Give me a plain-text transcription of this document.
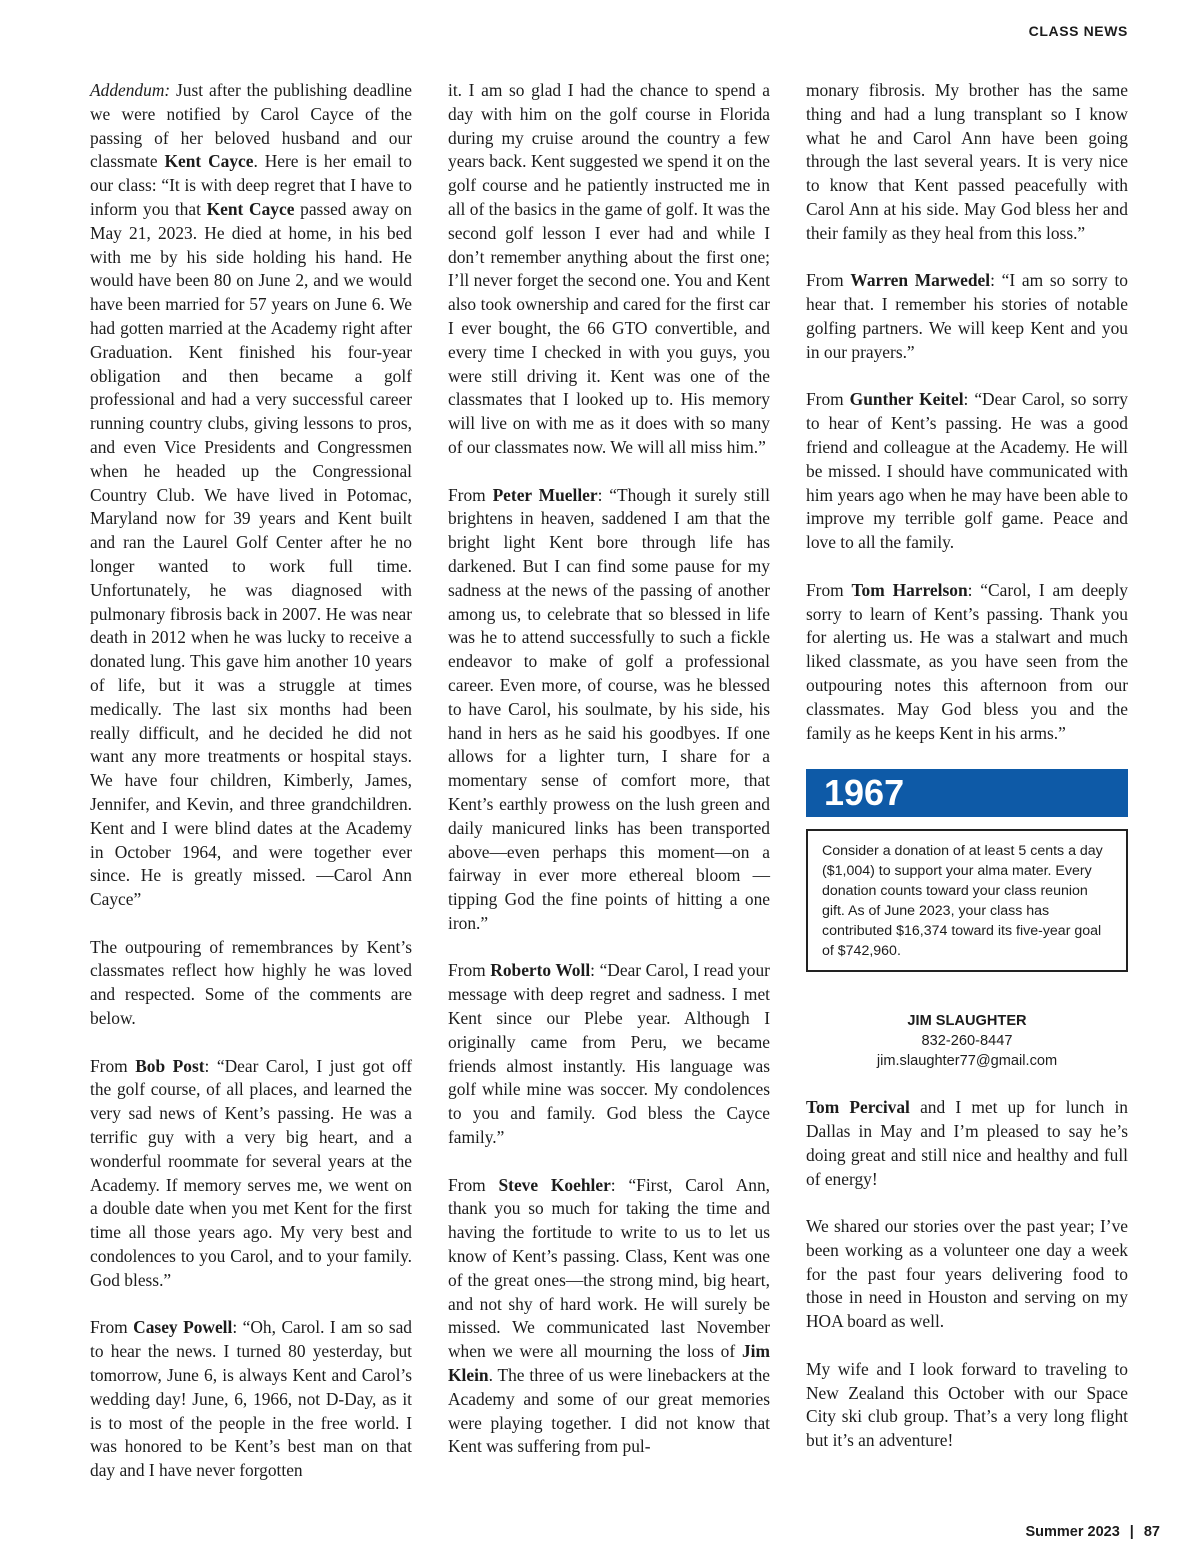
CLASS NEWS

Addendum: Just after the publishing deadline we were notified by Carol Cayce of the passing of her beloved husband and our classmate Kent Cayce. Here is her email to our class: “It is with deep regret that I have to inform you that Kent Cayce passed away on May 21, 2023. He died at home, in his bed with me by his side holding his hand. He would have been 80 on June 2, and we would have been married for 57 years on June 6. We had gotten married at the Academy right after Graduation. Kent finished his four-year obligation and then became a golf professional and had a very successful career running country clubs, giving lessons to pros, and even Vice Presidents and Congressmen when he headed up the Congressional Country Club. We have lived in Potomac, Maryland now for 39 years and Kent built and ran the Laurel Golf Center after he no longer wanted to work full time. Unfortunately, he was diagnosed with pulmonary fibrosis back in 2007. He was near death in 2012 when he was lucky to receive a donated lung. This gave him another 10 years of life, but it was a struggle at times medically. The last six months had been really difficult, and he decided he did not want any more treatments or hospital stays. We have four children, Kimberly, James, Jennifer, and Kevin, and three grandchildren. Kent and I were blind dates at the Academy in October 1964, and were together ever since. He is greatly missed. —Carol Ann Cayce”

The outpouring of remembrances by Kent’s classmates reflect how highly he was loved and respected. Some of the comments are below.

From Bob Post: “Dear Carol, I just got off the golf course, of all places, and learned the very sad news of Kent’s passing. He was a terrific guy with a very big heart, and a wonderful roommate for several years at the Academy. If memory serves me, we went on a double date when you met Kent for the first time all those years ago. My very best and condolences to you Carol, and to your family. God bless.”

From Casey Powell: “Oh, Carol. I am so sad to hear the news. I turned 80 yesterday, but tomorrow, June 6, is always Kent and Carol’s wedding day! June, 6, 1966, not D-Day, as it is to most of the people in the free world. I was honored to be Kent’s best man on that day and I have never forgotten

it. I am so glad I had the chance to spend a day with him on the golf course in Florida during my cruise around the country a few years back. Kent suggested we spend it on the golf course and he patiently instructed me in all of the basics in the game of golf. It was the second golf lesson I ever had and while I don’t remember anything about the first one; I’ll never forget the second one. You and Kent also took ownership and cared for the first car I ever bought, the 66 GTO convertible, and every time I checked in with you guys, you were still driving it. Kent was one of the classmates that I looked up to. His memory will live on with me as it does with so many of our classmates now. We will all miss him.”

From Peter Mueller: “Though it surely still brightens in heaven, saddened I am that the bright light Kent bore through life has darkened. But I can find some pause for my sadness at the news of the passing of another among us, to celebrate that so blessed in life was he to attend successfully to such a fickle endeavor to make of golf a professional career. Even more, of course, was he blessed to have Carol, his soulmate, by his side, his hand in hers as he said his goodbyes. If one allows for a lighter turn, I share for a momentary sense of comfort more, that Kent’s earthly prowess on the lush green and daily manicured links has been transported above—even perhaps this moment—on a fairway in ever more ethereal bloom —tipping God the fine points of hitting a one iron.”

From Roberto Woll: “Dear Carol, I read your message with deep regret and sadness. I met Kent since our Plebe year. Although I originally came from Peru, we became friends almost instantly. His language was golf while mine was soccer. My condolences to you and family. God bless the Cayce family.”

From Steve Koehler: “First, Carol Ann, thank you so much for taking the time and having the fortitude to write to us to let us know of Kent’s passing. Class, Kent was one of the great ones—the strong mind, big heart, and not shy of hard work. He will surely be missed. We communicated last November when we were all mourning the loss of Jim Klein. The three of us were linebackers at the Academy and some of our great memories were playing together. I did not know that Kent was suffering from pul-

monary fibrosis. My brother has the same thing and had a lung transplant so I know what he and Carol Ann have been going through the last several years. It is very nice to know that Kent passed peacefully with Carol Ann at his side. May God bless her and their family as they heal from this loss.”

From Warren Marwedel: “I am so sorry to hear that. I remember his stories of notable golfing partners. We will keep Kent and you in our prayers.”

From Gunther Keitel: “Dear Carol, so sorry to hear of Kent’s passing. He was a good friend and colleague at the Academy. He will be missed. I should have communicated with him years ago when he may have been able to improve my terrible golf game. Peace and love to all the family.

From Tom Harrelson: “Carol, I am deeply sorry to learn of Kent’s passing. Thank you for alerting us. He was a stalwart and much liked classmate, as you have seen from the outpouring notes this afternoon from our classmates. May God bless you and the family as he keeps Kent in his arms.”

1967
Consider a donation of at least 5 cents a day ($1,004) to support your alma mater. Every donation counts toward your class reunion gift. As of June 2023, your class has contributed $16,374 toward its five-year goal of $742,960.
JIM SLAUGHTER
832-260-8447
jim.slaughter77@gmail.com

Tom Percival and I met up for lunch in Dallas in May and I’m pleased to say he’s doing great and still nice and healthy and full of energy!

We shared our stories over the past year; I’ve been working as a volunteer one day a week for the past four years delivering food to those in need in Houston and serving on my HOA board as well.

My wife and I look forward to traveling to New Zealand this October with our Space City ski club group. That’s a very long flight but it’s an adventure!

Summer 2023 | 87
